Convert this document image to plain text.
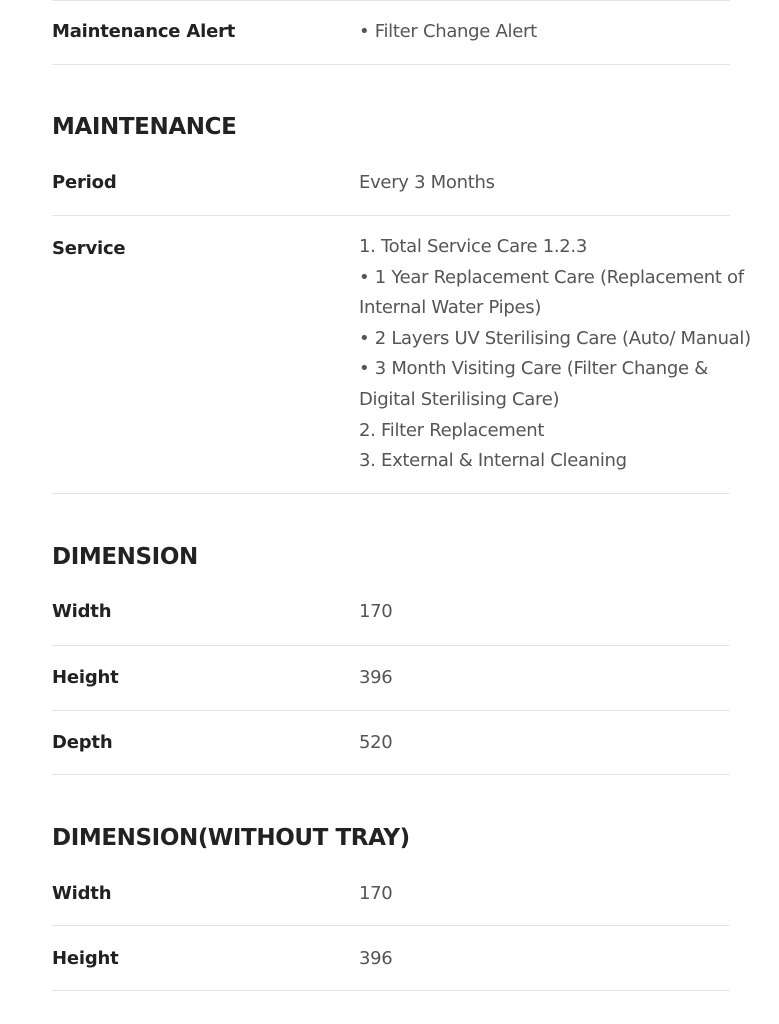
Maintenance Alert	• Filter Change Alert
MAINTENANCE
Period	Every 3 Months
Service	1. Total Service Care 1.2.3
• 1 Year Replacement Care (Replacement of
Internal Water Pipes)
• 2 Layers UV Sterilising Care (Auto/ Manual)
• 3 Month Visiting Care (Filter Change &
Digital Sterilising Care)
2. Filter Replacement
3. External & Internal Cleaning
DIMENSION
Width	170
Height	396
Depth	520
DIMENSION(WITHOUT TRAY)
Width	170
Height	396
